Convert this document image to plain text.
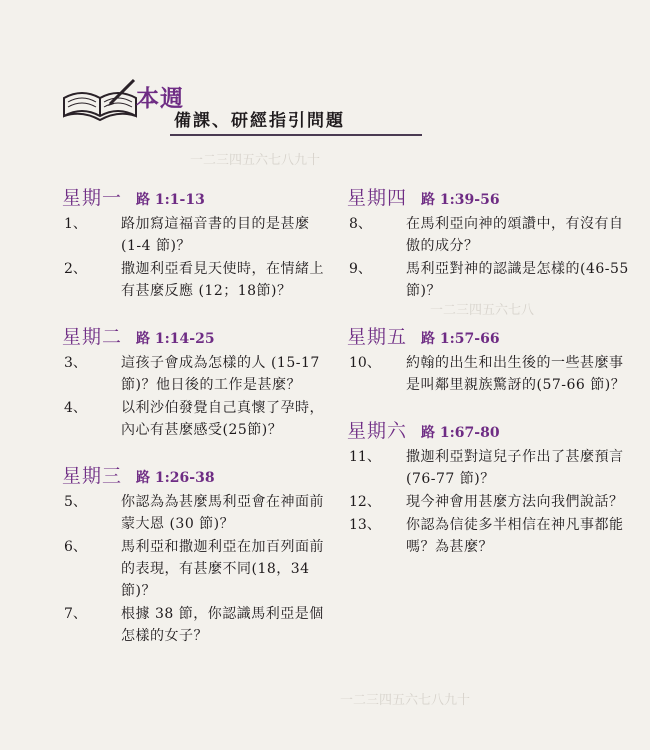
一二三四五六七八九十
一二三四五六七八
一二三四五六七八九十
本週
備課、研經指引問題
星期一 路 1:1-13
1、 路加寫這福音書的目的是甚麼 (1-4 節)？
2、 撒迦利亞看見天使時，在情緒上有甚麼反應 (12；18節)？
星期二 路 1:14-25
3、 這孩子會成為怎樣的人 (15-17 節)？他日後的工作是甚麼？
4、 以利沙伯發覺自己真懷了孕時，內心有甚麼感受(25節)？
星期三 路 1:26-38
5、 你認為為甚麼馬利亞會在神面前蒙大恩 (30 節)？
6、 馬利亞和撒迦利亞在加百列面前的表現，有甚麼不同(18，34 節)？
7、 根據 38 節，你認識馬利亞是個怎樣的女子？
星期四 路 1:39-56
8、 在馬利亞向神的頌讚中，有沒有自傲的成分？
9、 馬利亞對神的認識是怎樣的(46-55 節)？
星期五 路 1:57-66
10、 約翰的出生和出生後的一些甚麼事是叫鄰里親族驚訝的(57-66 節)？
星期六 路 1:67-80
11、 撒迦利亞對這兒子作出了甚麼預言 (76-77 節)？
12、 現今神會用甚麼方法向我們說話？
13、 你認為信徒多半相信在神凡事都能嗎？為甚麼？
